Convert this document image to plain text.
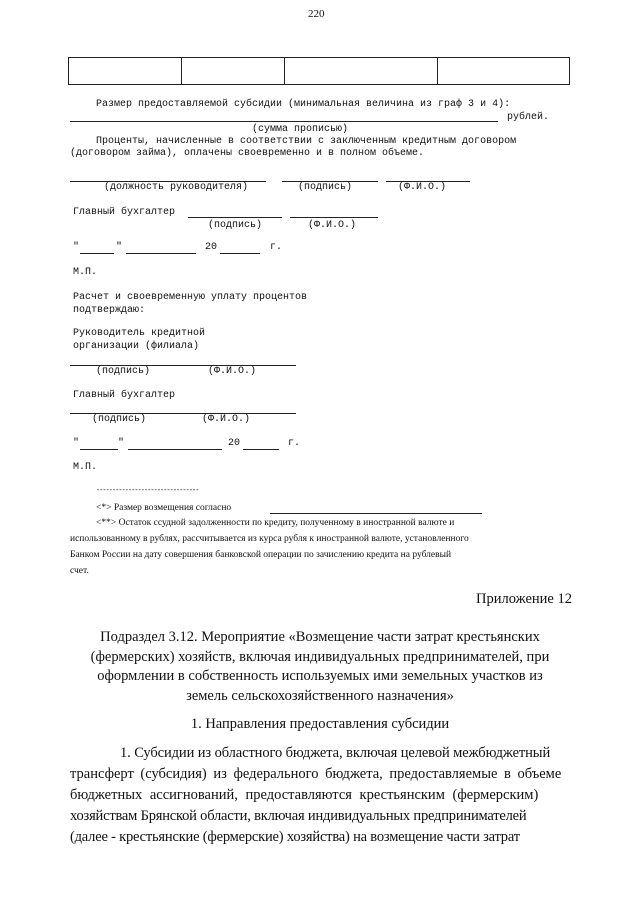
220

Размер предоставляемой субсидии (минимальная величина из граф 3 и 4):
рублей.
(сумма прописью)
Проценты, начисленные в соответствии с заключенным кредитным договором
(договором займа), оплачены своевременно и в полном объеме.
(должность руководителя)	(подпись)	(Ф.И.О.)
Главный бухгалтер
(подпись)	(Ф.И.О.)
"	"	20	г.
М.П.
Расчет и своевременную уплату процентов
подтверждаю:
Руководитель кредитной
организации (филиала)
(подпись)	(Ф.И.О.)
Главный бухгалтер
(подпись)	(Ф.И.О.)
"	"	20	г.
М.П.
--------------------------------
<*> Размер возмещения согласно
<**> Остаток ссудной задолженности по кредиту, полученному в иностранной валюте и
использованному в рублях, рассчитывается из курса рубля к иностранной валюте, установленного
Банком России на дату совершения банковской операции по зачислению кредита на рублевый
счет.
Приложение 12
Подраздел 3.12. Мероприятие «Возмещение части затрат крестьянских
(фермерских) хозяйств, включая индивидуальных предпринимателей, при
оформлении в собственность используемых ими земельных участков из
земель сельскохозяйственного назначения»
1. Направления предоставления субсидии
1. Субсидии из областного бюджета, включая целевой межбюджетный
трансферт (субсидия) из федерального бюджета, предоставляемые в объеме
бюджетных ассигнований, предоставляются крестьянским (фермерским)
хозяйствам Брянской области, включая индивидуальных предпринимателей
(далее - крестьянские (фермерские) хозяйства) на возмещение части затрат
